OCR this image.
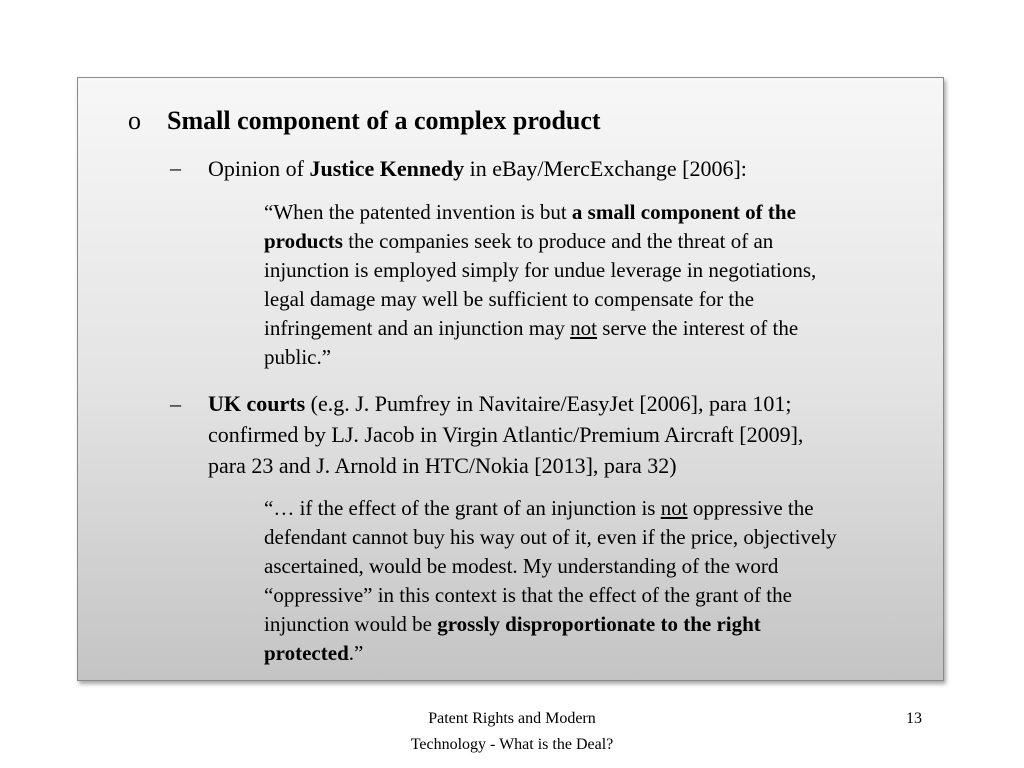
o Small component of a complex product
– Opinion of Justice Kennedy in eBay/MercExchange [2006]:
“When the patented invention is but a small component of the
products the companies seek to produce and the threat of an
injunction is employed simply for undue leverage in negotiations,
legal damage may well be sufficient to compensate for the
infringement and an injunction may not serve the interest of the
public.”
– UK courts (e.g. J. Pumfrey in Navitaire/EasyJet [2006], para 101;
confirmed by LJ. Jacob in Virgin Atlantic/Premium Aircraft [2009],
para 23 and J. Arnold in HTC/Nokia [2013], para 32)
“… if the effect of the grant of an injunction is not oppressive the
defendant cannot buy his way out of it, even if the price, objectively
ascertained, would be modest. My understanding of the word
“oppressive” in this context is that the effect of the grant of the
injunction would be grossly disproportionate to the right
protected.”
Patent Rights and Modern
Technology - What is the Deal?
13
